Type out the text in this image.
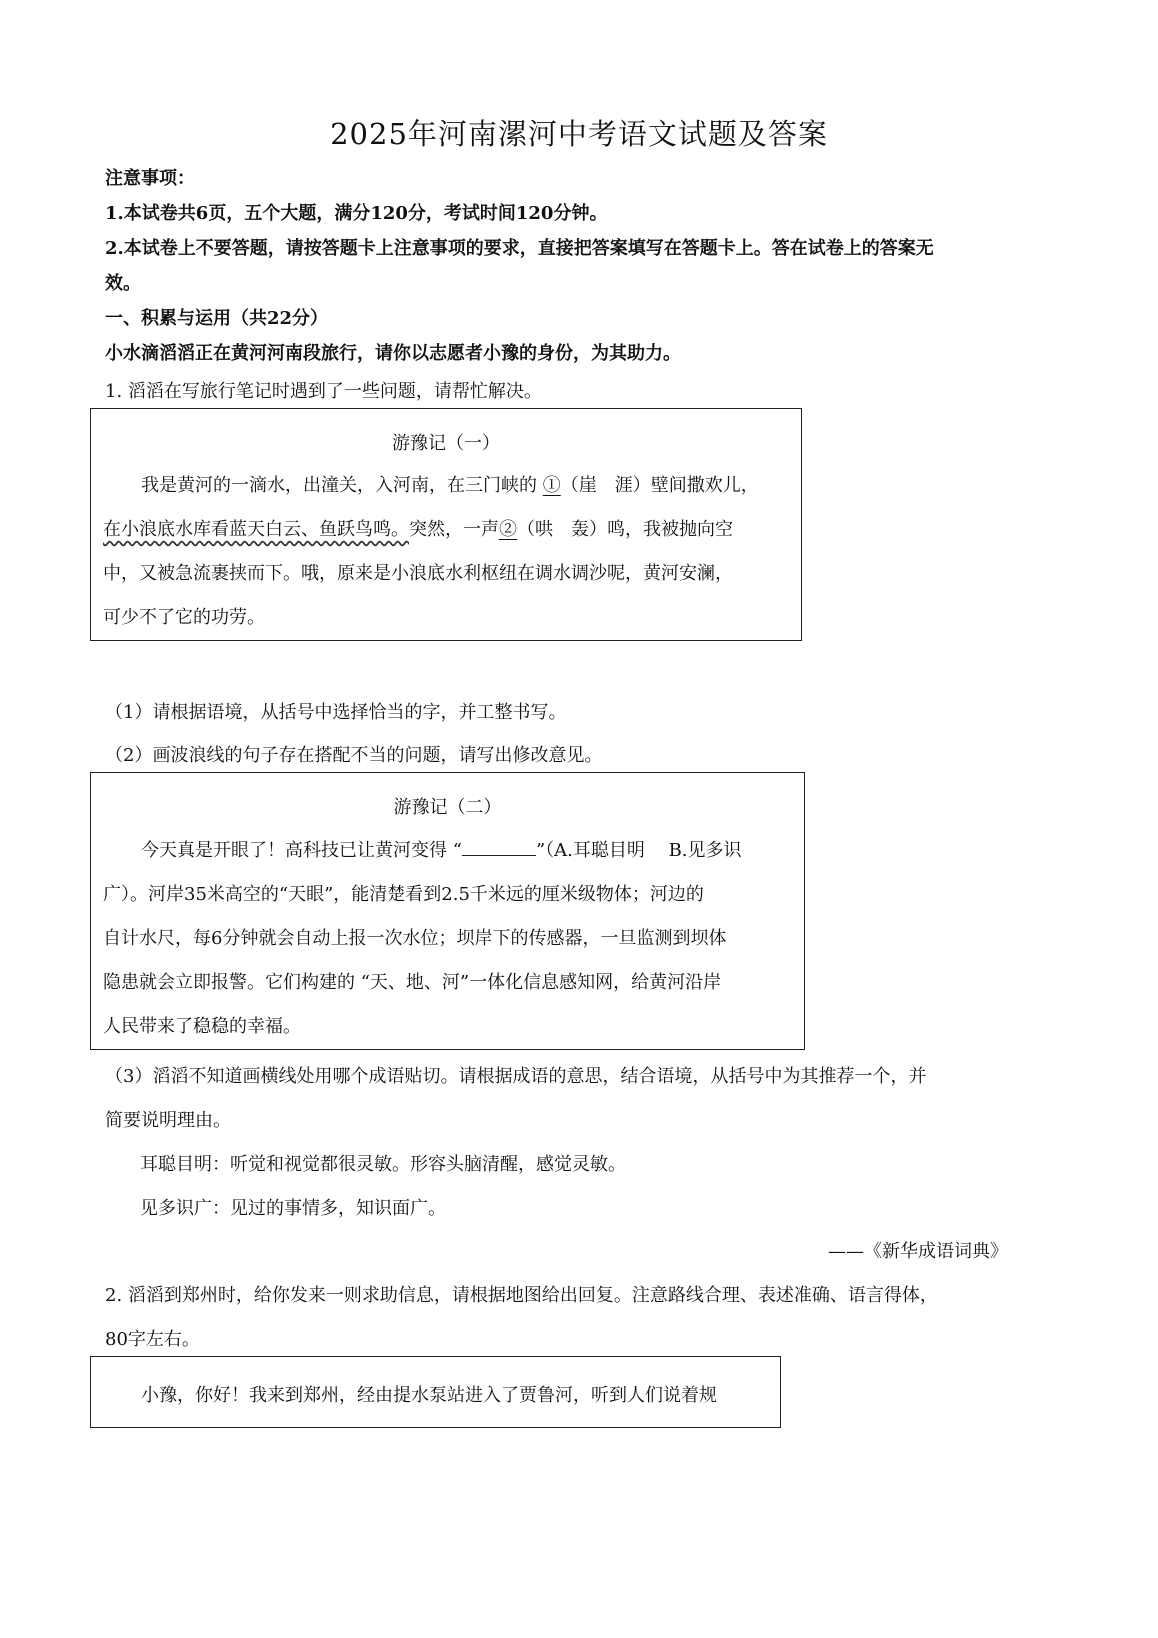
2025年河南漯河中考语文试题及答案
注意事项：
1.本试卷共6页，五个大题，满分120分，考试时间120分钟。
2.本试卷上不要答题，请按答题卡上注意事项的要求，直接把答案填写在答题卡上。答在试卷上的答案无
效。
一、积累与运用（共22分）
小水滴滔滔正在黄河河南段旅行，请你以志愿者小豫的身份，为其助力。
1. 滔滔在写旅行笔记时遇到了一些问题，请帮忙解决。
游豫记（一）
我是黄河的一滴水，出潼关，入河南，在三门峡的 ①（崖　涯）壁间撒欢儿，
在小浪底水库看蓝天白云、鱼跃鸟鸣。突然，一声②（哄　轰）鸣，我被抛向空
中，又被急流裹挟而下。哦，原来是小浪底水利枢纽在调水调沙呢，黄河安澜，
可少不了它的功劳。
（1）请根据语境，从括号中选择恰当的字，并工整书写。
（2）画波浪线的句子存在搭配不当的问题，请写出修改意见。
游豫记（二）
今天真是开眼了！高科技已让黄河变得 “	”（A.耳聪目明　 B.见多识
广）。河岸35米高空的“天眼”，能清楚看到2.5千米远的厘米级物体；河边的
自计水尺，每6分钟就会自动上报一次水位；坝岸下的传感器，一旦监测到坝体
隐患就会立即报警。它们构建的 “天、地、河”一体化信息感知网，给黄河沿岸
人民带来了稳稳的幸福。
（3）滔滔不知道画横线处用哪个成语贴切。请根据成语的意思，结合语境，从括号中为其推荐一个，并
简要说明理由。
耳聪目明：听觉和视觉都很灵敏。形容头脑清醒，感觉灵敏。
见多识广：见过的事情多，知识面广。
——《新华成语词典》
2. 滔滔到郑州时，给你发来一则求助信息，请根据地图给出回复。注意路线合理、表述准确、语言得体，
80字左右。
小豫，你好！我来到郑州，经由提水泵站进入了贾鲁河，听到人们说着规
